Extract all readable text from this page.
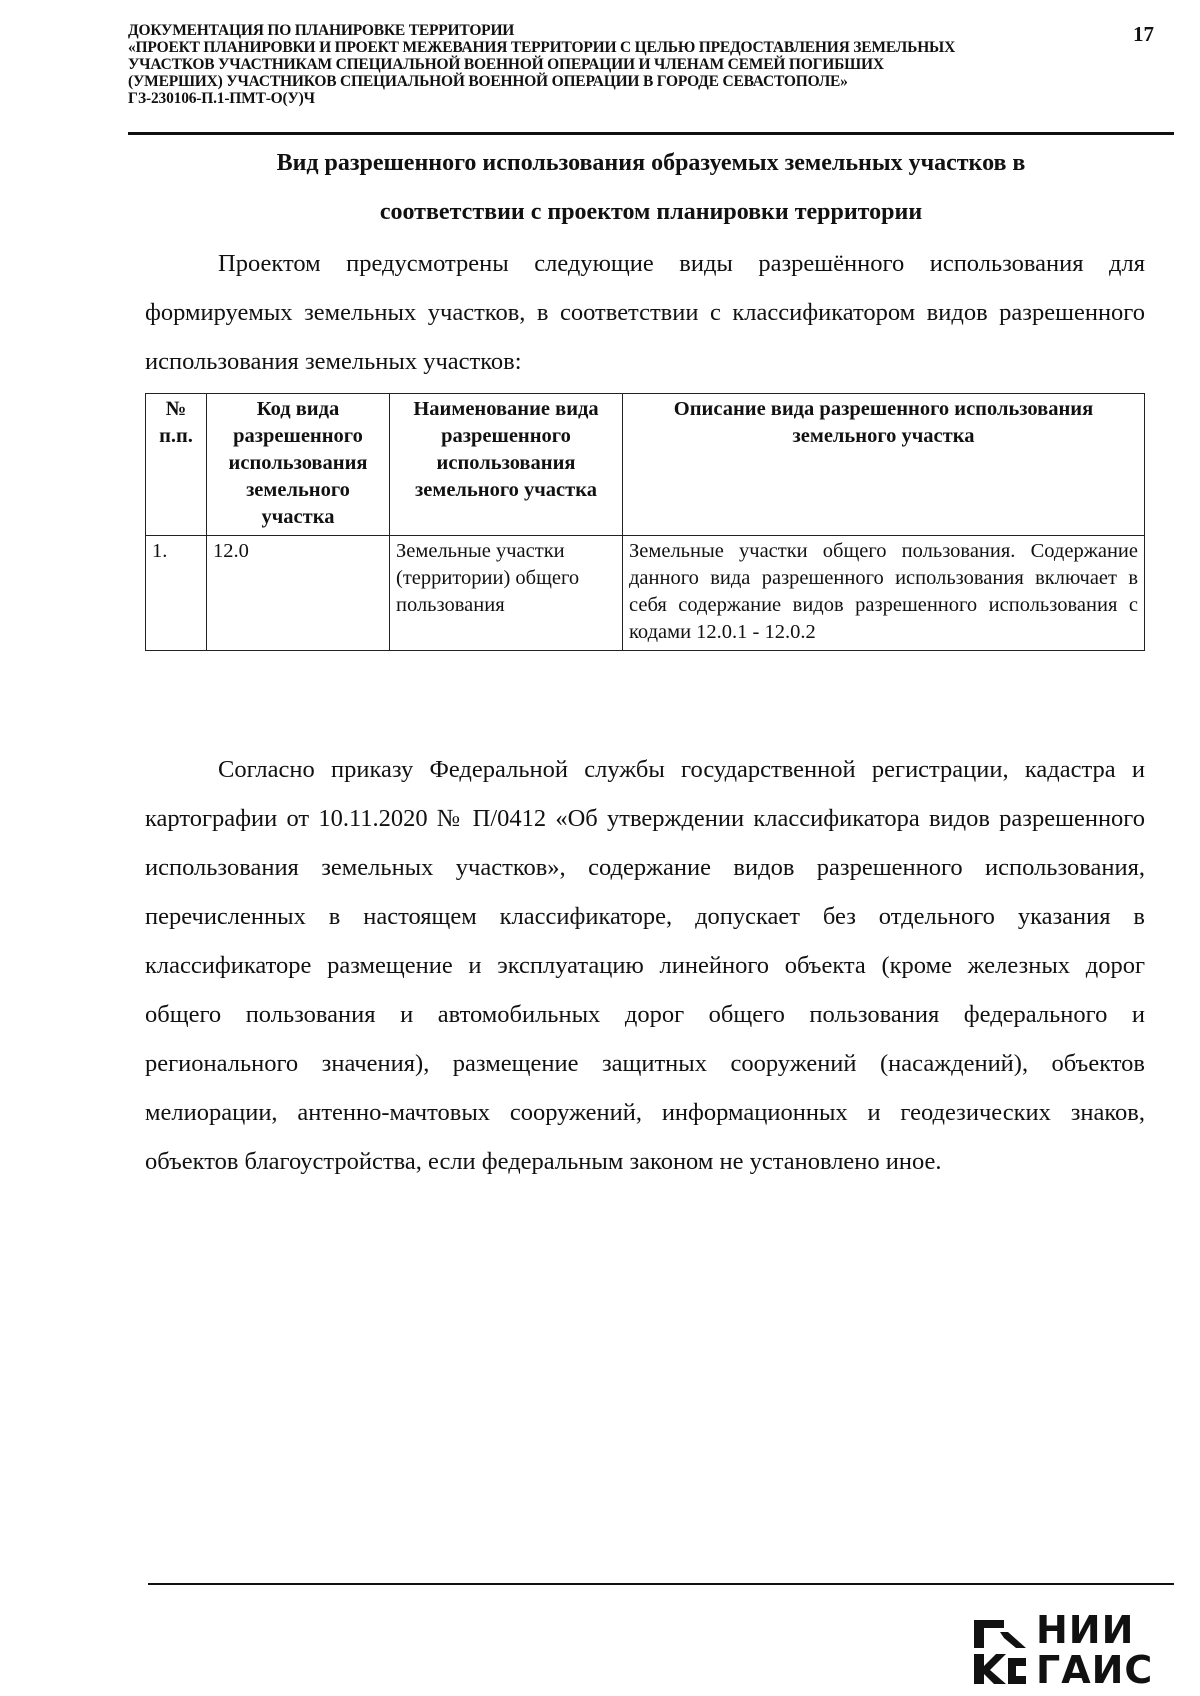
ДОКУМЕНТАЦИЯ ПО ПЛАНИРОВКЕ ТЕРРИТОРИИ
«ПРОЕКТ ПЛАНИРОВКИ И ПРОЕКТ МЕЖЕВАНИЯ ТЕРРИТОРИИ С ЦЕЛЬЮ ПРЕДОСТАВЛЕНИЯ ЗЕМЕЛЬНЫХ
УЧАСТКОВ УЧАСТНИКАМ СПЕЦИАЛЬНОЙ ВОЕННОЙ ОПЕРАЦИИ И ЧЛЕНАМ СЕМЕЙ ПОГИБШИХ
(УМЕРШИХ) УЧАСТНИКОВ СПЕЦИАЛЬНОЙ ВОЕННОЙ ОПЕРАЦИИ В ГОРОДЕ СЕВАСТОПОЛЕ»
ГЗ-230106-П.1-ПМТ-О(У)Ч
17
Вид разрешенного использования образуемых земельных участков в
соответствии с проектом планировки территории

Проектом предусмотрены следующие виды разрешённого использования для формируемых земельных участков, в соответствии с классификатором видов разрешенного использования земельных участков:

№ п.п.	Код вида разрешенного использования земельного участка	Наименование вида разрешенного использования земельного участка	Описание вида разрешенного использования земельного участка
1.	12.0	Земельные участки (территории) общего пользования	Земельные участки общего пользования. Содержание данного вида разрешенного использования включает в себя содержание видов разрешенного использования с кодами 12.0.1 - 12.0.2

Согласно приказу Федеральной службы государственной регистрации, кадастра и картографии от 10.11.2020 № П/0412 «Об утверждении классификатора видов разрешенного использования земельных участков», содержание видов разрешенного использования, перечисленных в настоящем классификаторе, допускает без отдельного указания в классификаторе размещение и эксплуатацию линейного объекта (кроме железных дорог общего пользования и автомобильных дорог общего пользования федерального и регионального значения), размещение защитных сооружений (насаждений), объектов мелиорации, антенно-мачтовых сооружений, информационных и геодезических знаков, объектов благоустройства, если федеральным законом не установлено иное.

НИИ
ГАИС
